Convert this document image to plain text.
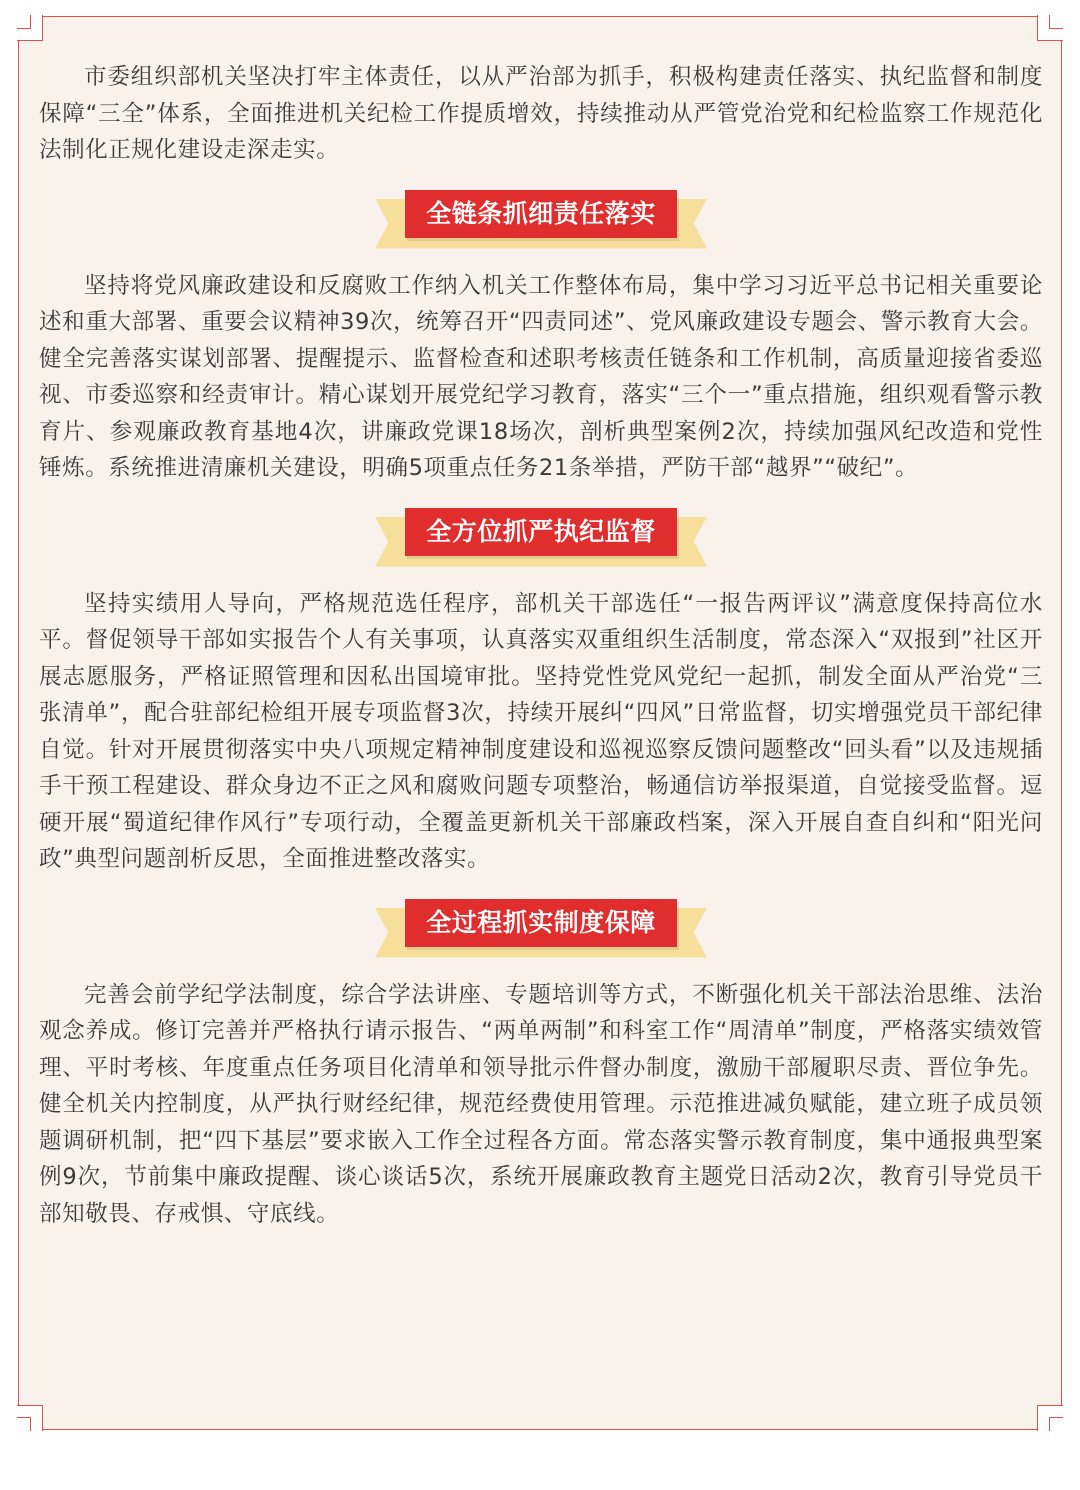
市委组织部机关坚决打牢主体责任，以从严治部为抓手，积极构建责任落实、执纪监督和制度保障“三全”体系，全面推进机关纪检工作提质增效，持续推动从严管党治党和纪检监察工作规范化法制化正规化建设走深走实。

全链条抓细责任落实

坚持将党风廉政建设和反腐败工作纳入机关工作整体布局，集中学习习近平总书记相关重要论述和重大部署、重要会议精神39次，统筹召开“四责同述”、党风廉政建设专题会、警示教育大会。健全完善落实谋划部署、提醒提示、监督检查和述职考核责任链条和工作机制，高质量迎接省委巡视、市委巡察和经责审计。精心谋划开展党纪学习教育，落实“三个一”重点措施，组织观看警示教育片、参观廉政教育基地4次，讲廉政党课18场次，剖析典型案例2次，持续加强风纪改造和党性锤炼。系统推进清廉机关建设，明确5项重点任务21条举措，严防干部“越界”“破纪”。

全方位抓严执纪监督

坚持实绩用人导向，严格规范选任程序，部机关干部选任“一报告两评议”满意度保持高位水平。督促领导干部如实报告个人有关事项，认真落实双重组织生活制度，常态深入“双报到”社区开展志愿服务，严格证照管理和因私出国境审批。坚持党性党风党纪一起抓，制发全面从严治党“三张清单”，配合驻部纪检组开展专项监督3次，持续开展纠“四风”日常监督，切实增强党员干部纪律自觉。针对开展贯彻落实中央八项规定精神制度建设和巡视巡察反馈问题整改“回头看”以及违规插手干预工程建设、群众身边不正之风和腐败问题专项整治，畅通信访举报渠道，自觉接受监督。逗硬开展“蜀道纪律作风行”专项行动，全覆盖更新机关干部廉政档案，深入开展自查自纠和“阳光问政”典型问题剖析反思，全面推进整改落实。

全过程抓实制度保障

完善会前学纪学法制度，综合学法讲座、专题培训等方式，不断强化机关干部法治思维、法治观念养成。修订完善并严格执行请示报告、“两单两制”和科室工作“周清单”制度，严格落实绩效管理、平时考核、年度重点任务项目化清单和领导批示件督办制度，激励干部履职尽责、晋位争先。健全机关内控制度，从严执行财经纪律，规范经费使用管理。示范推进减负赋能，建立班子成员领题调研机制，把“四下基层”要求嵌入工作全过程各方面。常态落实警示教育制度，集中通报典型案例9次，节前集中廉政提醒、谈心谈话5次，系统开展廉政教育主题党日活动2次，教育引导党员干部知敬畏、存戒惧、守底线。
